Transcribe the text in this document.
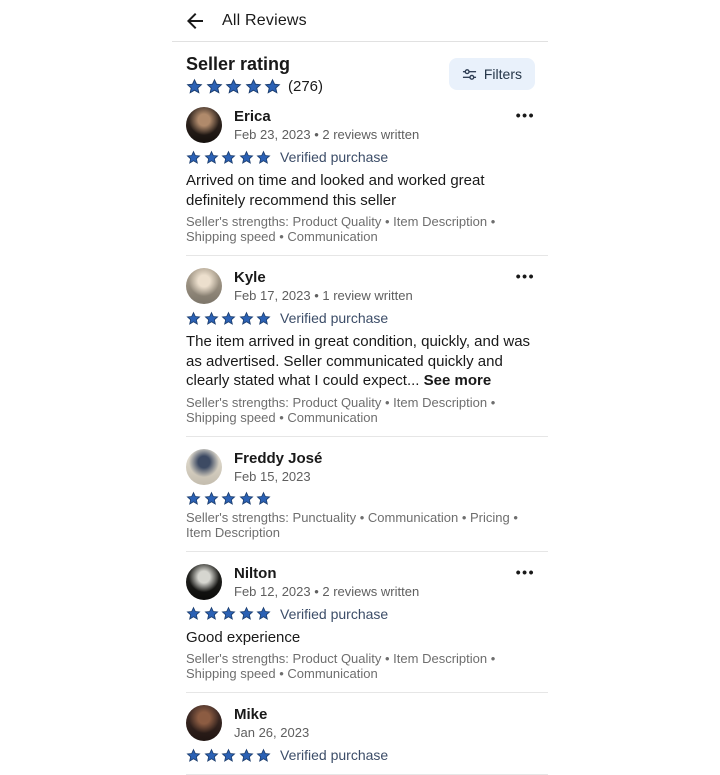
All Reviews
Seller rating
(276)
Filters
Erica
Feb 23, 2023 • 2 reviews written
•••
Verified purchase

Arrived on time and looked and worked great definitely recommend this seller

Seller's strengths: Product Quality • Item Description • Shipping speed • Communication
Kyle
Feb 17, 2023 • 1 review written
•••
Verified purchase

The item arrived in great condition, quickly, and was as advertised. Seller communicated quickly and clearly stated what I could expect... See more

Seller's strengths: Product Quality • Item Description • Shipping speed • Communication
Freddy José
Feb 15, 2023
Seller's strengths: Punctuality • Communication • Pricing • Item Description
Nilton
Feb 12, 2023 • 2 reviews written
•••
Verified purchase

Good experience

Seller's strengths: Product Quality • Item Description • Shipping speed • Communication
Mike
Jan 26, 2023
Verified purchase
